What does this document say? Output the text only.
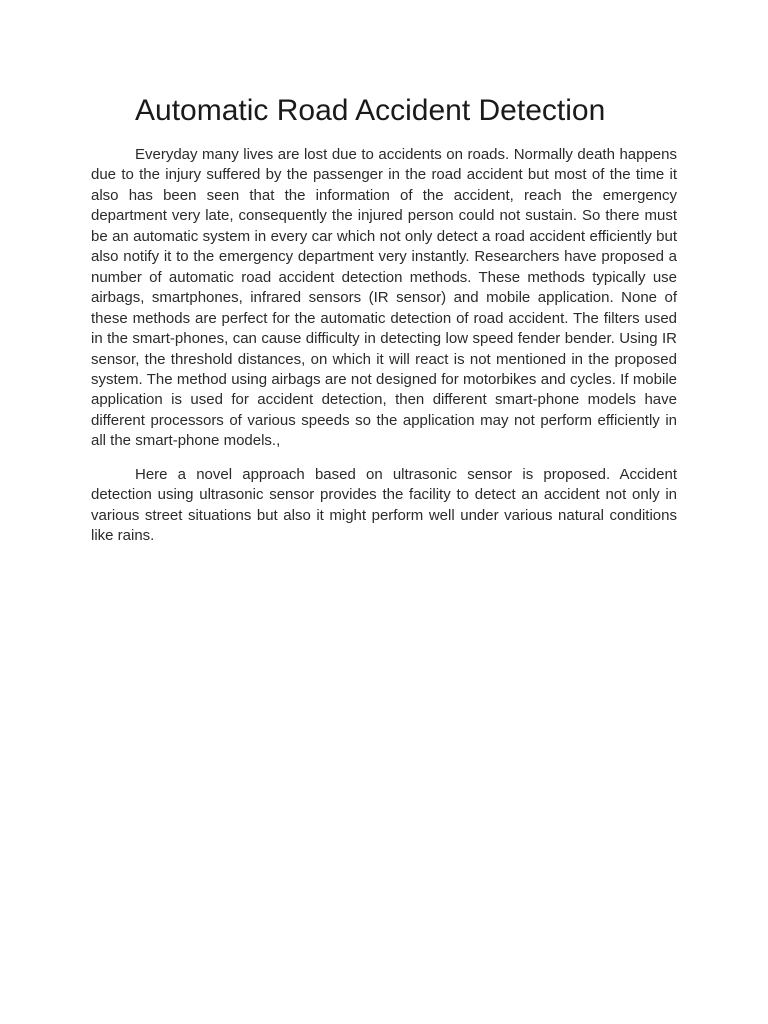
Automatic Road Accident Detection

Everyday many lives are lost due to accidents on roads. Normally death happens due to the injury suffered by the passenger in the road accident but most of the time it also has been seen that the information of the accident, reach the emergency department very late, consequently the injured person could not sustain. So there must be an automatic system in every car which not only detect a road accident efficiently but also notify it to the emergency department very instantly. Researchers have proposed a number of automatic road accident detection methods. These methods typically use airbags, smartphones, infrared sensors (IR sensor) and mobile application. None of these methods are perfect for the automatic detection of road accident. The filters used in the smart-phones, can cause difficulty in detecting low speed fender bender. Using IR sensor, the threshold distances, on which it will react is not mentioned in the proposed system. The method using airbags are not designed for motorbikes and cycles. If mobile application is used for accident detection, then different smart-phone models have different processors of various speeds so the application may not perform efficiently in all the smart-phone models.,

Here a novel approach based on ultrasonic sensor is proposed. Accident detection using ultrasonic sensor provides the facility to detect an accident not only in various street situations but also it might perform well under various natural conditions like rains.
